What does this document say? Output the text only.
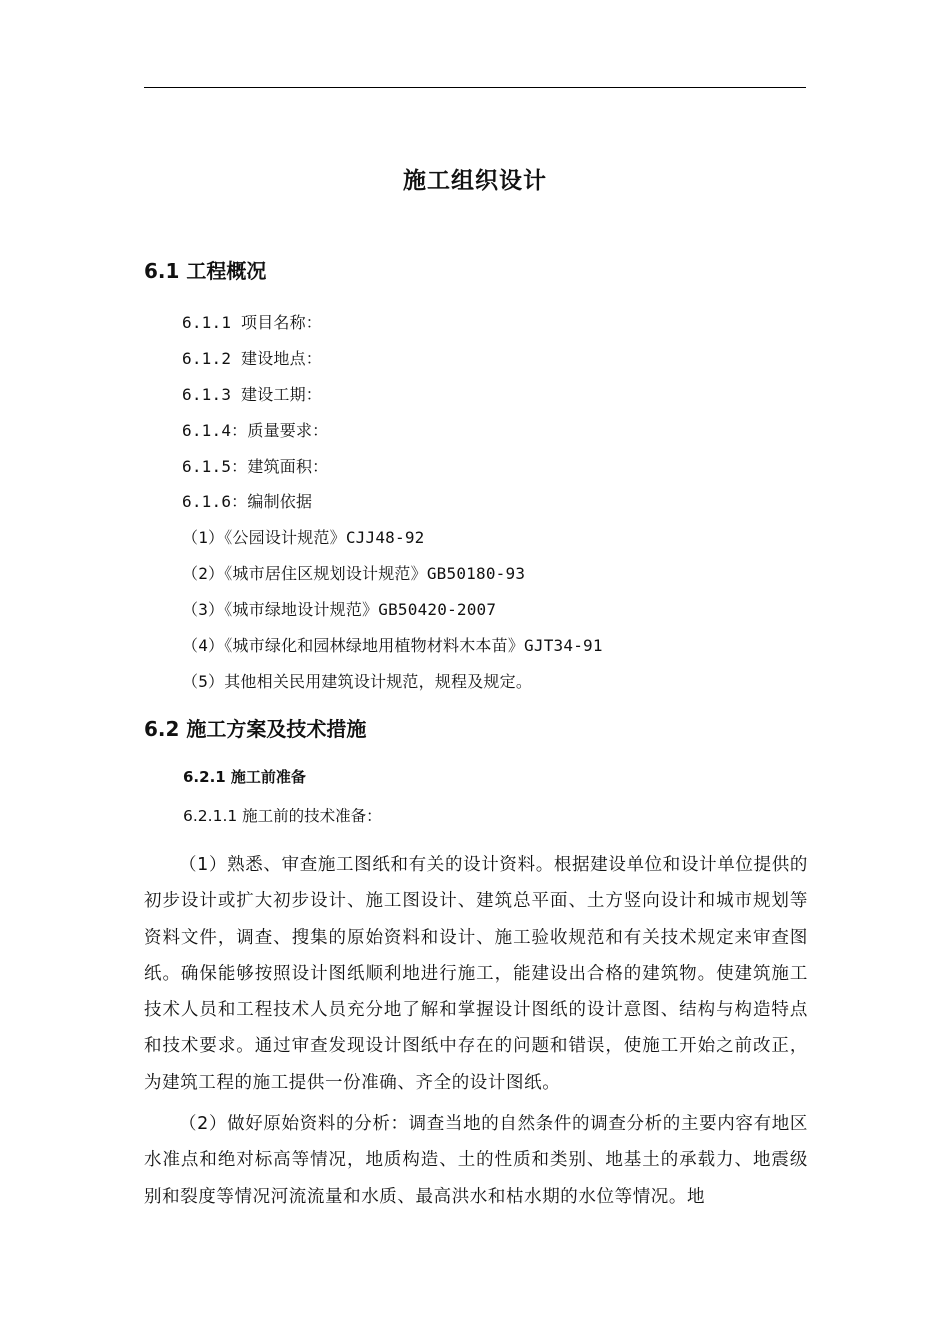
施工组织设计
6.1 工程概况
6.1.1 项目名称：
6.1.2 建设地点：
6.1.3 建设工期：
6.1.4：质量要求：
6.1.5：建筑面积：
6.1.6：编制依据
（1）《公园设计规范》CJJ48-92
（2）《城市居住区规划设计规范》GB50180-93
（3）《城市绿地设计规范》GB50420-2007
（4）《城市绿化和园林绿地用植物材料木本苗》GJT34-91
（5）其他相关民用建筑设计规范，规程及规定。
6.2 施工方案及技术措施
6.2.1 施工前准备
6.2.1.1 施工前的技术准备：

（1）熟悉、审查施工图纸和有关的设计资料。根据建设单位和设计单位提供的初步设计或扩大初步设计、施工图设计、建筑总平面、土方竖向设计和城市规划等资料文件，调查、搜集的原始资料和设计、施工验收规范和有关技术规定来审查图纸。确保能够按照设计图纸顺利地进行施工，能建设出合格的建筑物。使建筑施工技术人员和工程技术人员充分地了解和掌握设计图纸的设计意图、结构与构造特点和技术要求。通过审查发现设计图纸中存在的问题和错误，使施工开始之前改正，为建筑工程的施工提供一份准确、齐全的设计图纸。

（2）做好原始资料的分析：调查当地的自然条件的调查分析的主要内容有地区水准点和绝对标高等情况，地质构造、土的性质和类别、地基土的承载力、地震级别和裂度等情况河流流量和水质、最高洪水和枯水期的水位等情况。地
